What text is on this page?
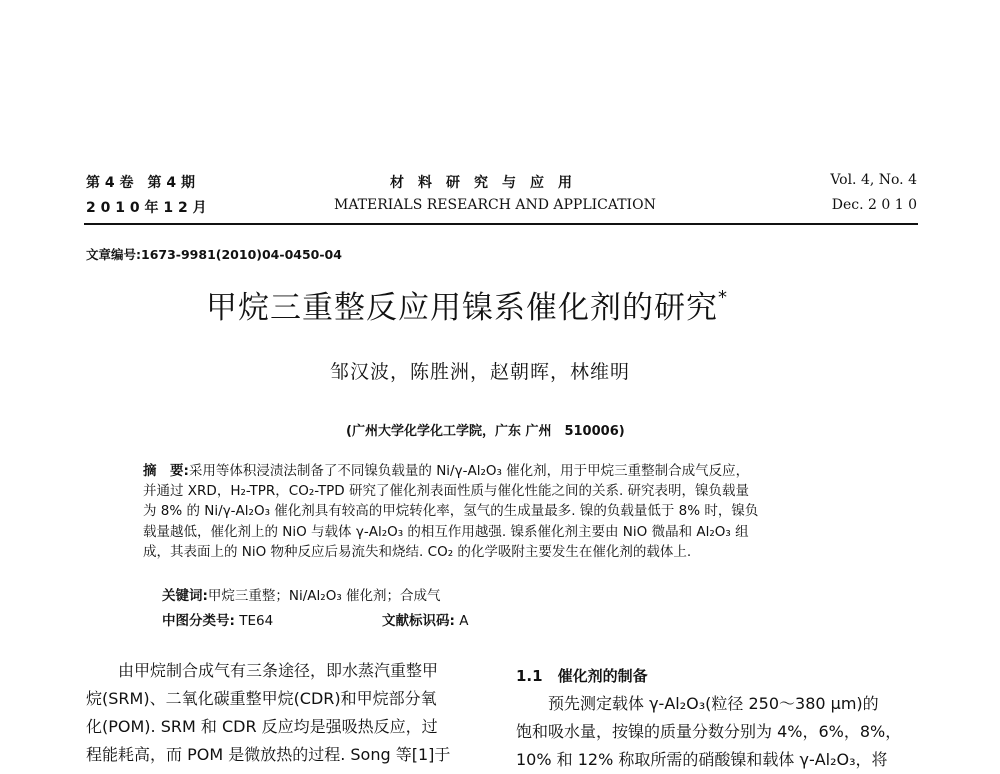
第 4 卷　第 4 期
2 0 1 0 年 1 2 月
材　料　研　究　与　应　用
MATERIALS RESEARCH AND APPLICATION
Vol. 4, No. 4
Dec. 2 0 1 0
文章编号:1673-9981(2010)04-0450-04
甲烷三重整反应用镍系催化剂的研究*
邹汉波，陈胜洲，赵朝晖，林维明
(广州大学化学化工学院，广东 广州　510006)
摘　要:采用等体积浸渍法制备了不同镍负载量的 Ni/γ-Al₂O₃ 催化剂，用于甲烷三重整制合成气反应，
并通过 XRD，H₂-TPR，CO₂-TPD 研究了催化剂表面性质与催化性能之间的关系. 研究表明，镍负载量
为 8% 的 Ni/γ-Al₂O₃ 催化剂具有较高的甲烷转化率，氢气的生成量最多. 镍的负载量低于 8% 时，镍负
载量越低，催化剂上的 NiO 与载体 γ-Al₂O₃ 的相互作用越强. 镍系催化剂主要由 NiO 微晶和 Al₂O₃ 组
成，其表面上的 NiO 物种反应后易流失和烧结. CO₂ 的化学吸附主要发生在催化剂的载体上.
关键词:甲烷三重整；Ni/Al₂O₃ 催化剂；合成气
中图分类号: TE64	文献标识码: A
　　由甲烷制合成气有三条途径，即水蒸汽重整甲
烷(SRM)、二氧化碳重整甲烷(CDR)和甲烷部分氧
化(POM). SRM 和 CDR 反应均是强吸热反应，过
程能耗高，而 POM 是微放热的过程. Song 等[1]于
1.1　催化剂的制备
　　预先测定载体 γ-Al₂O₃(粒径 250～380 μm)的
饱和吸水量，按镍的质量分数分别为 4%，6%，8%，
10% 和 12% 称取所需的硝酸镍和载体 γ-Al₂O₃，将
